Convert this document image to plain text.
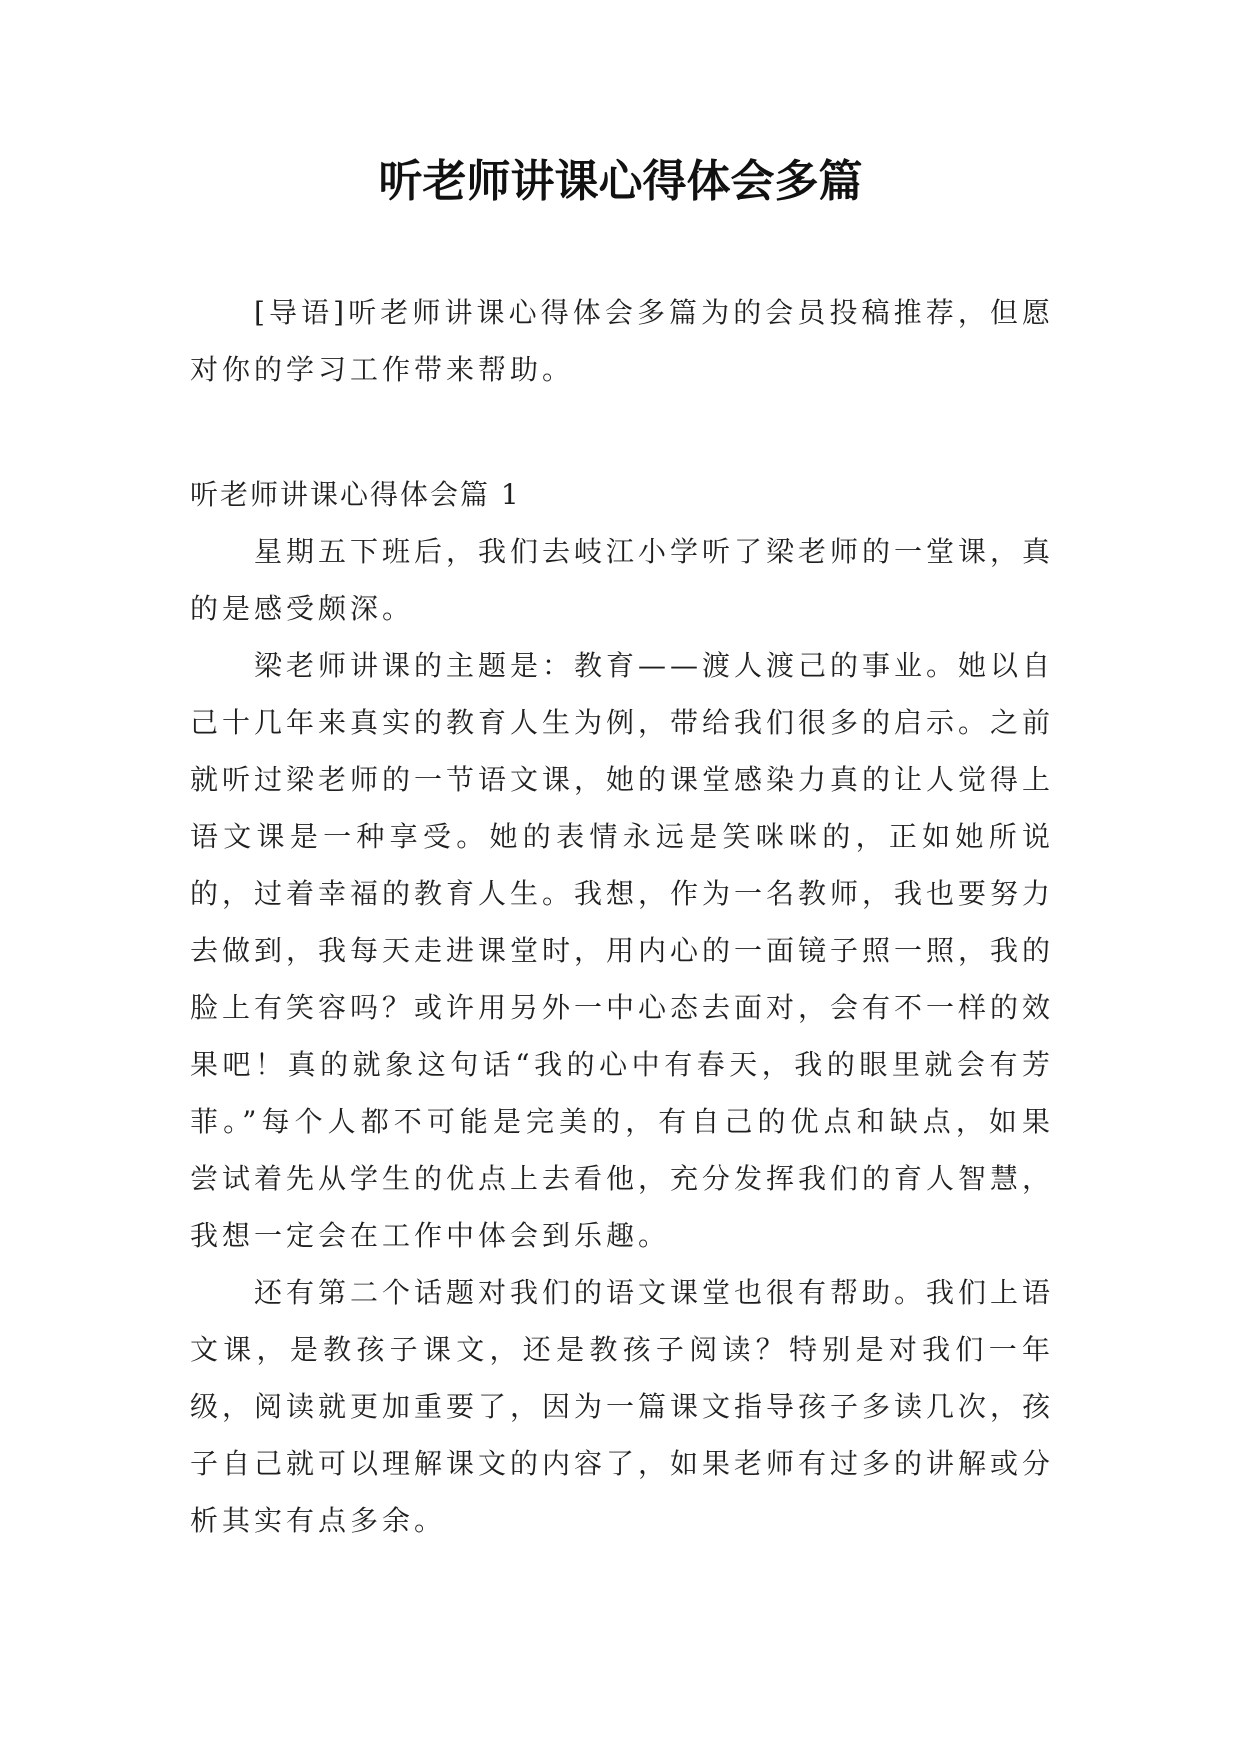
听老师讲课心得体会多篇

[导语]听老师讲课心得体会多篇为的会员投稿推荐，但愿对你的学习工作带来帮助。

听老师讲课心得体会篇 1

星期五下班后，我们去岐江小学听了梁老师的一堂课，真的是感受颇深。

梁老师讲课的主题是：教育——渡人渡己的事业。她以自己十几年来真实的教育人生为例，带给我们很多的启示。之前就听过梁老师的一节语文课，她的课堂感染力真的让人觉得上语文课是一种享受。她的表情永远是笑咪咪的，正如她所说的，过着幸福的教育人生。我想，作为一名教师，我也要努力去做到，我每天走进课堂时，用内心的一面镜子照一照，我的脸上有笑容吗？或许用另外一中心态去面对，会有不一样的效果吧！真的就象这句话“我的心中有春天，我的眼里就会有芳菲。”每个人都不可能是完美的，有自己的优点和缺点，如果尝试着先从学生的优点上去看他，充分发挥我们的育人智慧，我想一定会在工作中体会到乐趣。

还有第二个话题对我们的语文课堂也很有帮助。我们上语文课，是教孩子课文，还是教孩子阅读？特别是对我们一年级，阅读就更加重要了，因为一篇课文指导孩子多读几次，孩子自己就可以理解课文的内容了，如果老师有过多的讲解或分析其实有点多余。
